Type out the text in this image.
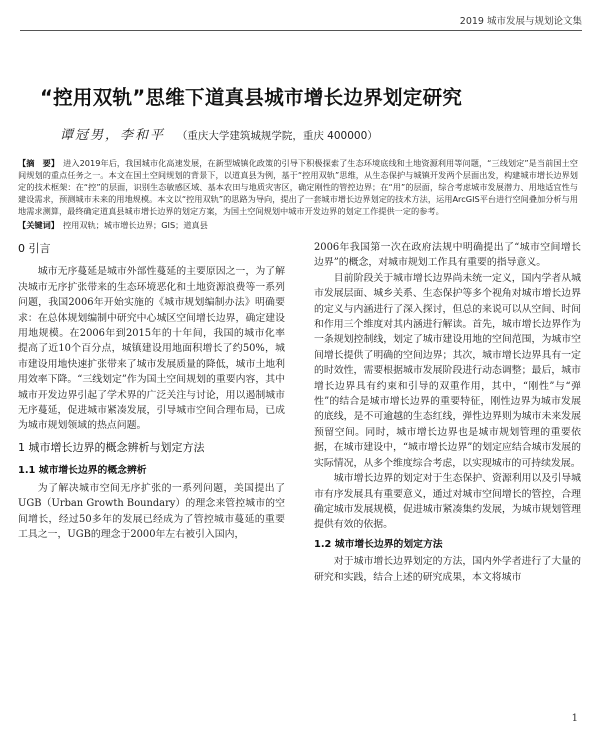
2019 城市发展与规划论文集
“控用双轨”思维下道真县城市增长边界划定研究
谭冠男，李和平 （重庆大学建筑城规学院，重庆 400000）

【摘　要】 进入2019年后，我国城市化高速发展，在新型城镇化政策的引导下积极探索了生态环境底线和土地资源利用等问题，“三线划定”是当前国土空间规划的重点任务之一。本文在国土空间规划的背景下，以道真县为例，基于“控用双轨”思维，从生态保护与城镇开发两个层面出发，构建城市增长边界划定的技术框架：在“控”的层面，识别生态敏感区域、基本农田与地质灾害区，确定刚性的管控边界；在“用”的层面，综合考虑城市发展潜力、用地适宜性与建设需求，预测城市未来的用地规模。本文以“控用双轨”的思路为导向，提出了一套城市增长边界划定的技术方法，运用ArcGIS平台进行空间叠加分析与用地需求测算，最终确定道真县城市增长边界的划定方案，为国土空间规划中城市开发边界的划定工作提供一定的参考。

【关键词】 控用双轨；城市增长边界；GIS；道真县

0 引言

城市无序蔓延是城市外部性蔓延的主要原因之一，为了解决城市无序扩张带来的生态环境恶化和土地资源浪费等一系列问题，我国2006年开始实施的《城市规划编制办法》明确要求：在总体规划编制中研究中心城区空间增长边界，确定建设用地规模。在2006年到2015年的十年间，我国的城市化率提高了近10个百分点，城镇建设用地面积增长了约50%，城市建设用地快速扩张带来了城市发展质量的降低，城市土地利用效率下降。“三线划定”作为国土空间规划的重要内容，其中城市开发边界引起了学术界的广泛关注与讨论，用以遏制城市无序蔓延，促进城市紧凑发展，引导城市空间合理布局，已成为城市规划领域的热点问题。

1 城市增长边界的概念辨析与划定方法
1.1 城市增长边界的概念辨析

为了解决城市空间无序扩张的一系列问题，美国提出了UGB（Urban Growth Boundary）的理念来管控城市的空间增长，经过50多年的发展已经成为了管控城市蔓延的重要工具之一，UGB的理念于2000年左右被引入国内，

2006年我国第一次在政府法规中明确提出了“城市空间增长边界”的概念，对城市规划工作具有重要的指导意义。

目前阶段关于城市增长边界尚未统一定义，国内学者从城市发展层面、城乡关系、生态保护等多个视角对城市增长边界的定义与内涵进行了深入探讨，但总的来说可以从空间、时间和作用三个维度对其内涵进行解读。首先，城市增长边界作为一条规划控制线，划定了城市建设用地的空间范围，为城市空间增长提供了明确的空间边界；其次，城市增长边界具有一定的时效性，需要根据城市发展阶段进行动态调整；最后，城市增长边界具有约束和引导的双重作用，其中，“刚性”与“弹性”的结合是城市增长边界的重要特征，刚性边界为城市发展的底线，是不可逾越的生态红线，弹性边界则为城市未来发展预留空间。同时，城市增长边界也是城市规划管理的重要依据，在城市建设中，“城市增长边界”的划定应结合城市发展的实际情况，从多个维度综合考虑，以实现城市的可持续发展。

城市增长边界的划定对于生态保护、资源利用以及引导城市有序发展具有重要意义，通过对城市空间增长的管控，合理确定城市发展规模，促进城市紧凑集约发展，为城市规划管理提供有效的依据。

1.2 城市增长边界的划定方法

对于城市增长边界划定的方法，国内外学者进行了大量的研究和实践，结合上述的研究成果，本文将城市

1
